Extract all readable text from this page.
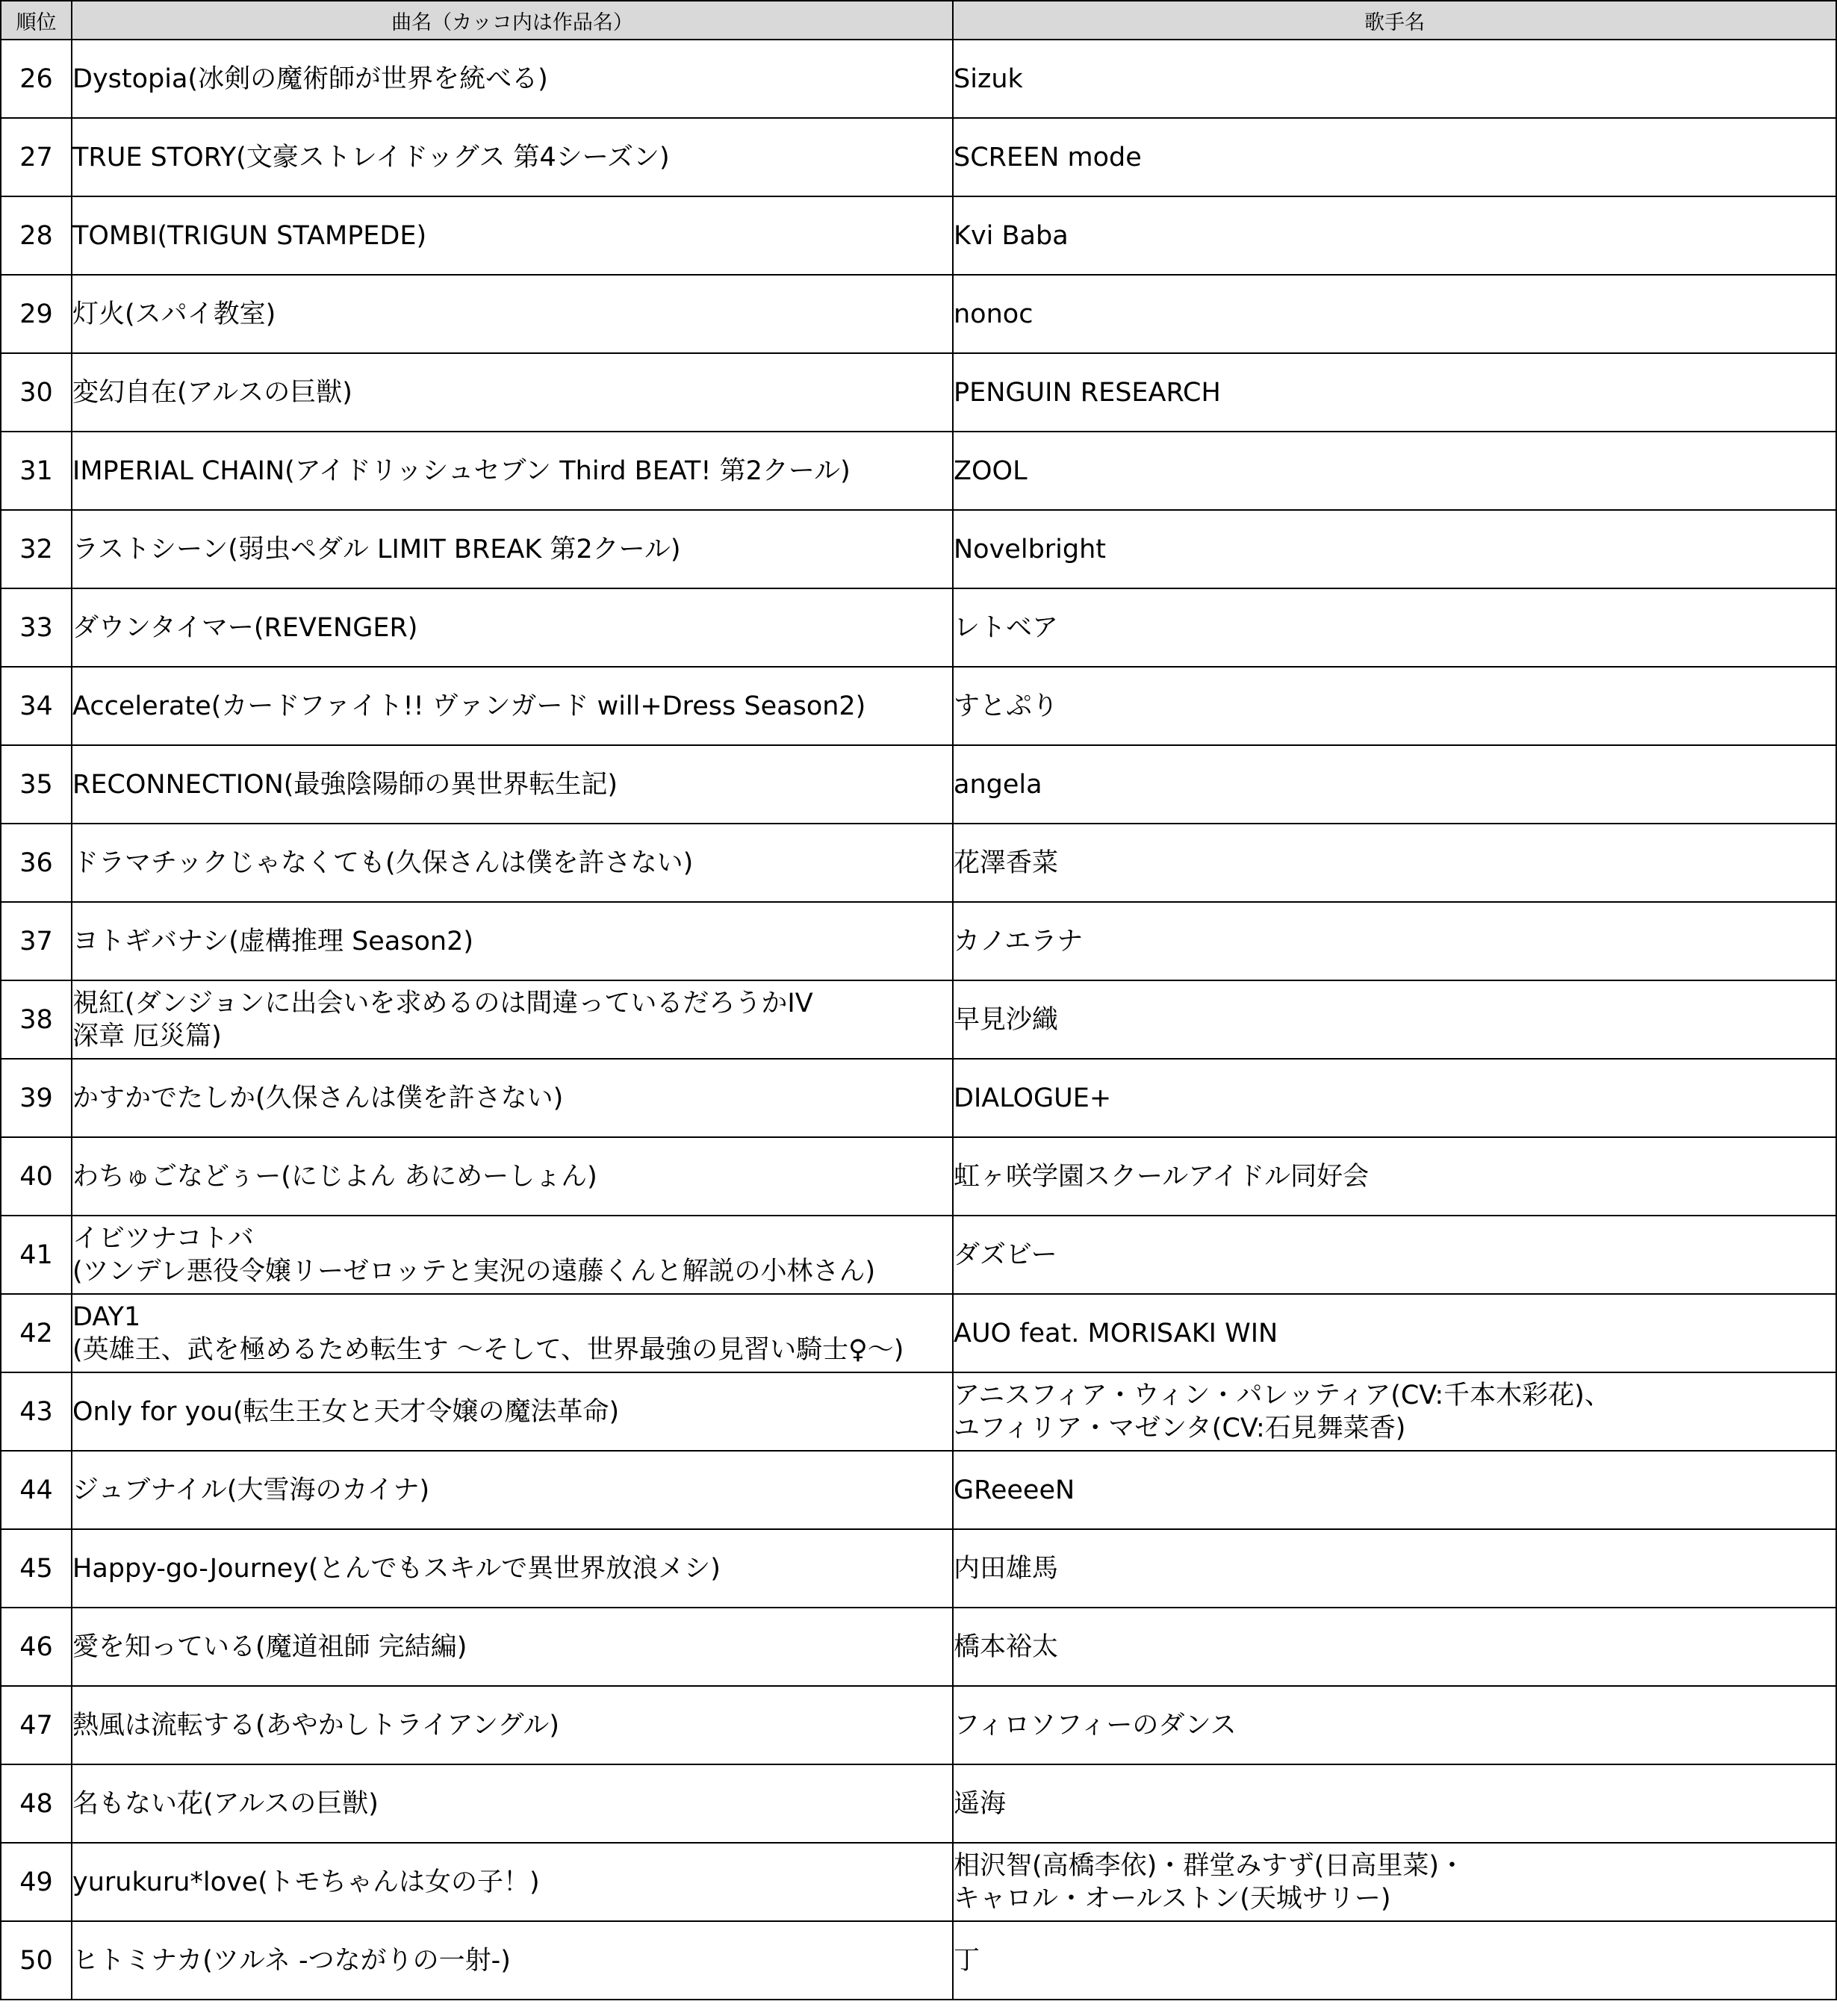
順位	曲名（カッコ内は作品名）	歌手名
26	Dystopia(冰剣の魔術師が世界を統べる)	Sizuk
27	TRUE STORY(文豪ストレイドッグス 第4シーズン)	SCREEN mode
28	TOMBI(TRIGUN STAMPEDE)	Kvi Baba
29	灯火(スパイ教室)	nonoc
30	変幻自在(アルスの巨獣)	PENGUIN RESEARCH
31	IMPERIAL CHAIN(アイドリッシュセブン Third BEAT! 第2クール)	ZOOL
32	ラストシーン(弱虫ペダル LIMIT BREAK 第2クール)	Novelbright
33	ダウンタイマー(REVENGER)	レトベア
34	Accelerate(カードファイト!! ヴァンガード will+Dress Season2)	すとぷり
35	RECONNECTION(最強陰陽師の異世界転生記)	angela
36	ドラマチックじゃなくても(久保さんは僕を許さない)	花澤香菜
37	ヨトギバナシ(虚構推理 Season2)	カノエラナ
38	視紅(ダンジョンに出会いを求めるのは間違っているだろうかIV
深章 厄災篇)	早見沙織
39	かすかでたしか(久保さんは僕を許さない)	DIALOGUE+
40	わちゅごなどぅー(にじよん あにめーしょん)	虹ヶ咲学園スクールアイドル同好会
41	イビツナコトバ
(ツンデレ悪役令嬢リーゼロッテと実況の遠藤くんと解説の小林さん)	ダズビー
42	DAY1
(英雄王、武を極めるため転生す ～そして、世界最強の見習い騎士♀～)	AUO feat. MORISAKI WIN
43	Only for you(転生王女と天才令嬢の魔法革命)	アニスフィア・ウィン・パレッティア(CV:千本木彩花)、
ユフィリア・マゼンタ(CV:石見舞菜香)
44	ジュブナイル(大雪海のカイナ)	GReeeeN
45	Happy-go-Journey(とんでもスキルで異世界放浪メシ)	内田雄馬
46	愛を知っている(魔道祖師 完結編)	橋本裕太
47	熱風は流転する(あやかしトライアングル)	フィロソフィーのダンス
48	名もない花(アルスの巨獣)	遥海
49	yurukuru*love(トモちゃんは女の子！)	相沢智(高橋李依)・群堂みすず(日高里菜)・
キャロル・オールストン(天城サリー)
50	ヒトミナカ(ツルネ -つながりの一射-)	丁
